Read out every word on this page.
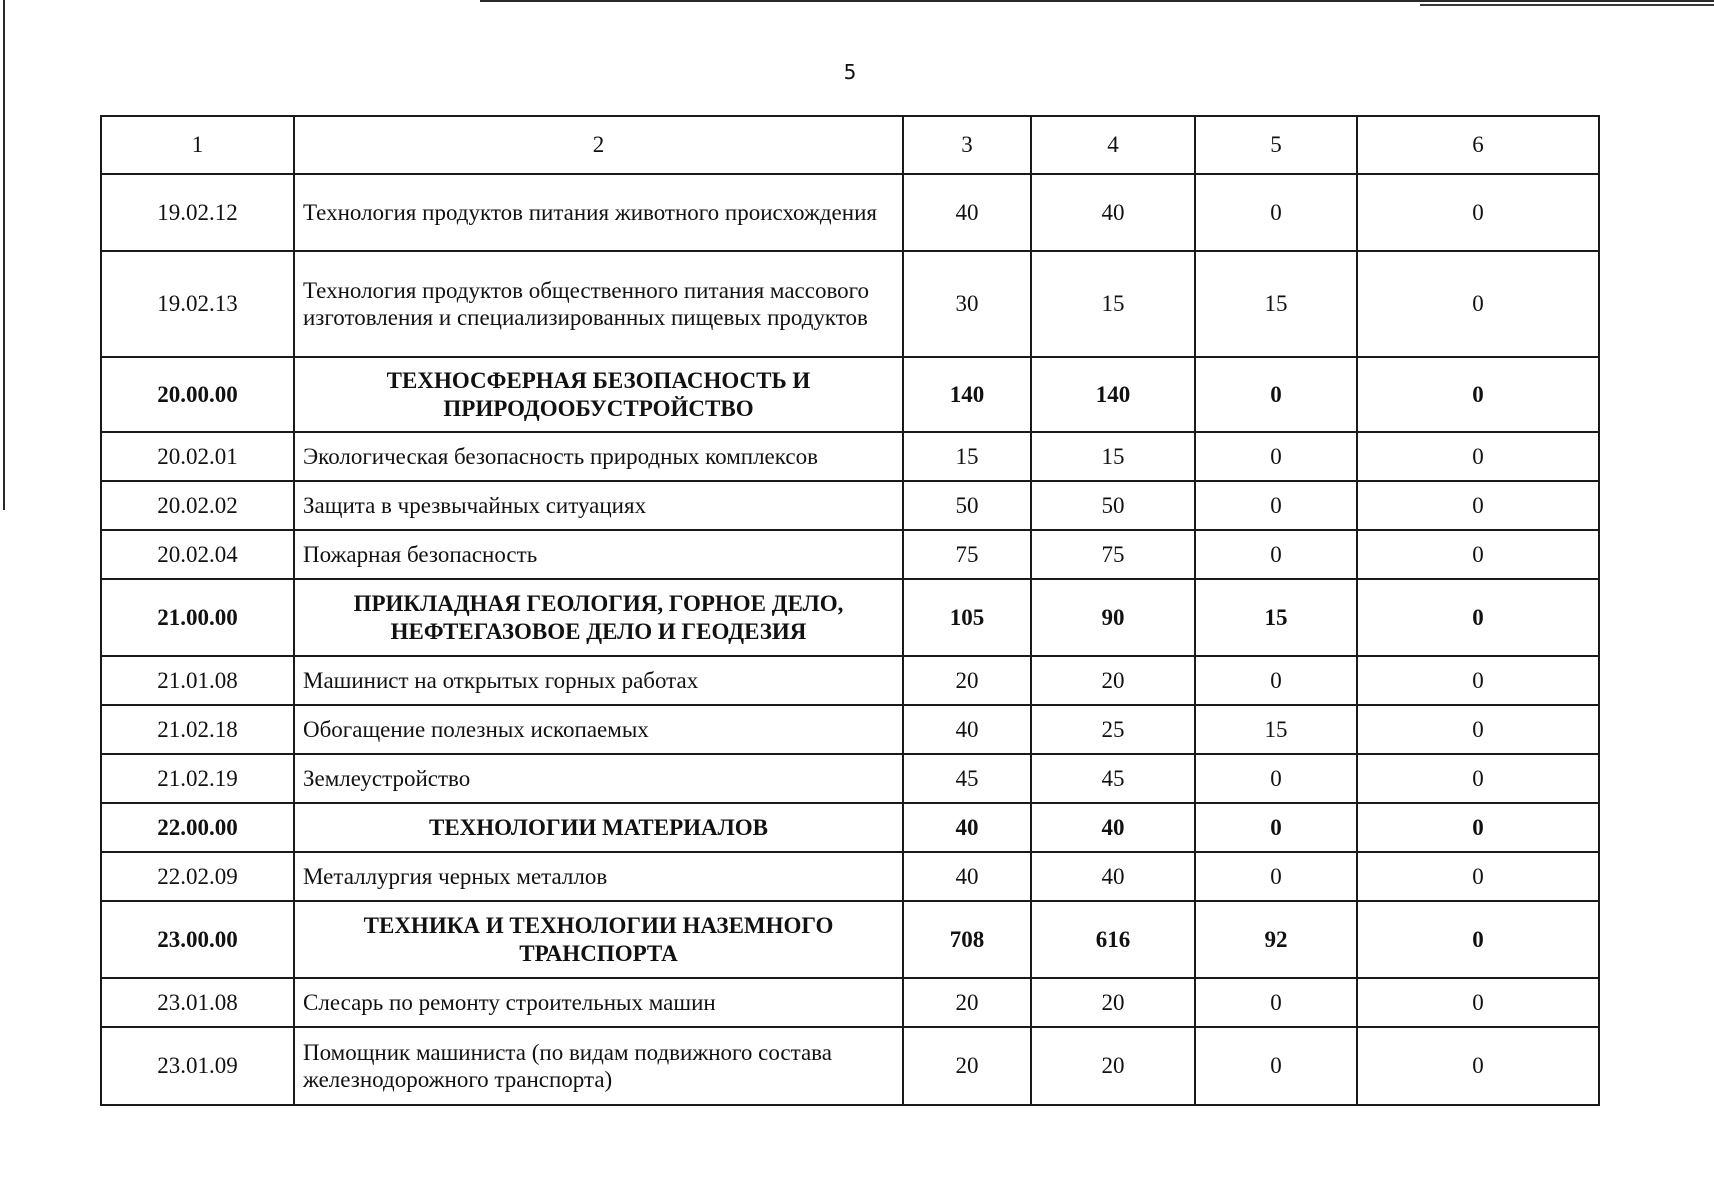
5
1	2	3	4	5	6
19.02.12	Технология продуктов питания животного происхождения	40	40	0	0
19.02.13	Технология продуктов общественного питания массового изготовления и специализированных пищевых продуктов	30	15	15	0
20.00.00	ТЕХНОСФЕРНАЯ БЕЗОПАСНОСТЬ И ПРИРОДООБУСТРОЙСТВО	140	140	0	0
20.02.01	Экологическая безопасность природных комплексов	15	15	0	0
20.02.02	Защита в чрезвычайных ситуациях	50	50	0	0
20.02.04	Пожарная безопасность	75	75	0	0
21.00.00	ПРИКЛАДНАЯ ГЕОЛОГИЯ, ГОРНОЕ ДЕЛО, НЕФТЕГАЗОВОЕ ДЕЛО И ГЕОДЕЗИЯ	105	90	15	0
21.01.08	Машинист на открытых горных работах	20	20	0	0
21.02.18	Обогащение полезных ископаемых	40	25	15	0
21.02.19	Землеустройство	45	45	0	0
22.00.00	ТЕХНОЛОГИИ МАТЕРИАЛОВ	40	40	0	0
22.02.09	Металлургия черных металлов	40	40	0	0
23.00.00	ТЕХНИКА И ТЕХНОЛОГИИ НАЗЕМНОГО ТРАНСПОРТА	708	616	92	0
23.01.08	Слесарь по ремонту строительных машин	20	20	0	0
23.01.09	Помощник машиниста (по видам подвижного состава железнодорожного транспорта)	20	20	0	0
